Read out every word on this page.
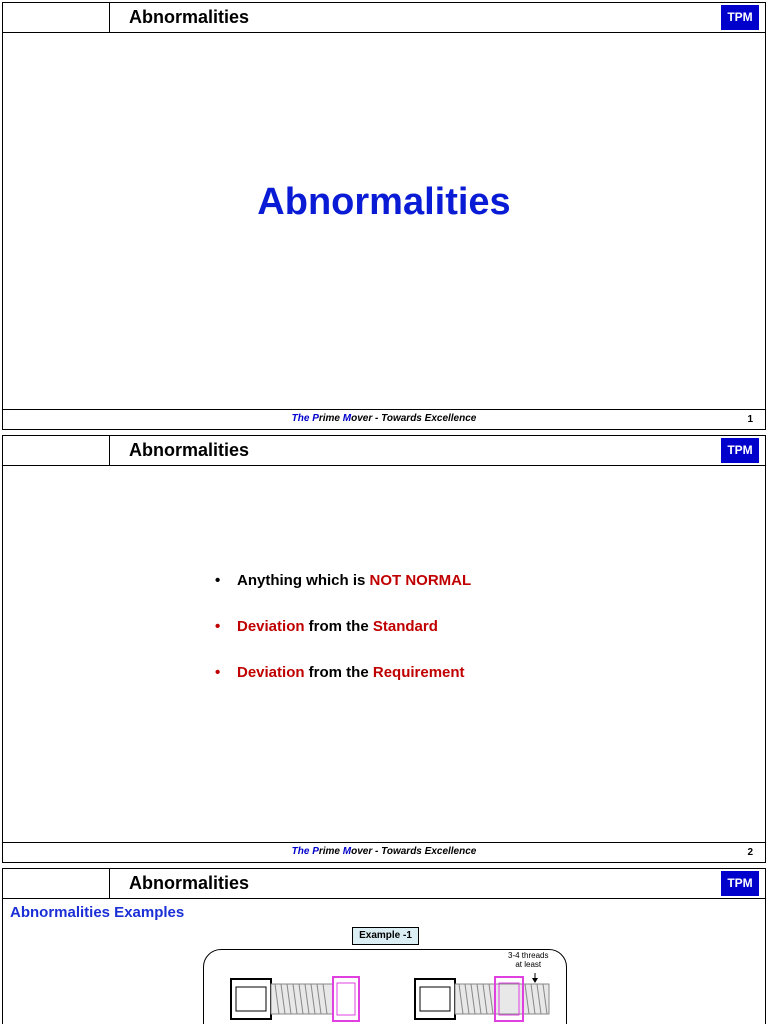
Abnormalities	TPM
Abnormalities
The Prime Mover - Towards Excellence	1
Abnormalities	TPM
• Anything which is NOT NORMAL
• Deviation from the Standard
• Deviation from the Requirement
The Prime Mover - Towards Excellence	2
Abnormalities	TPM
Abnormalities Examples
Example -1
3-4 threads
at least
